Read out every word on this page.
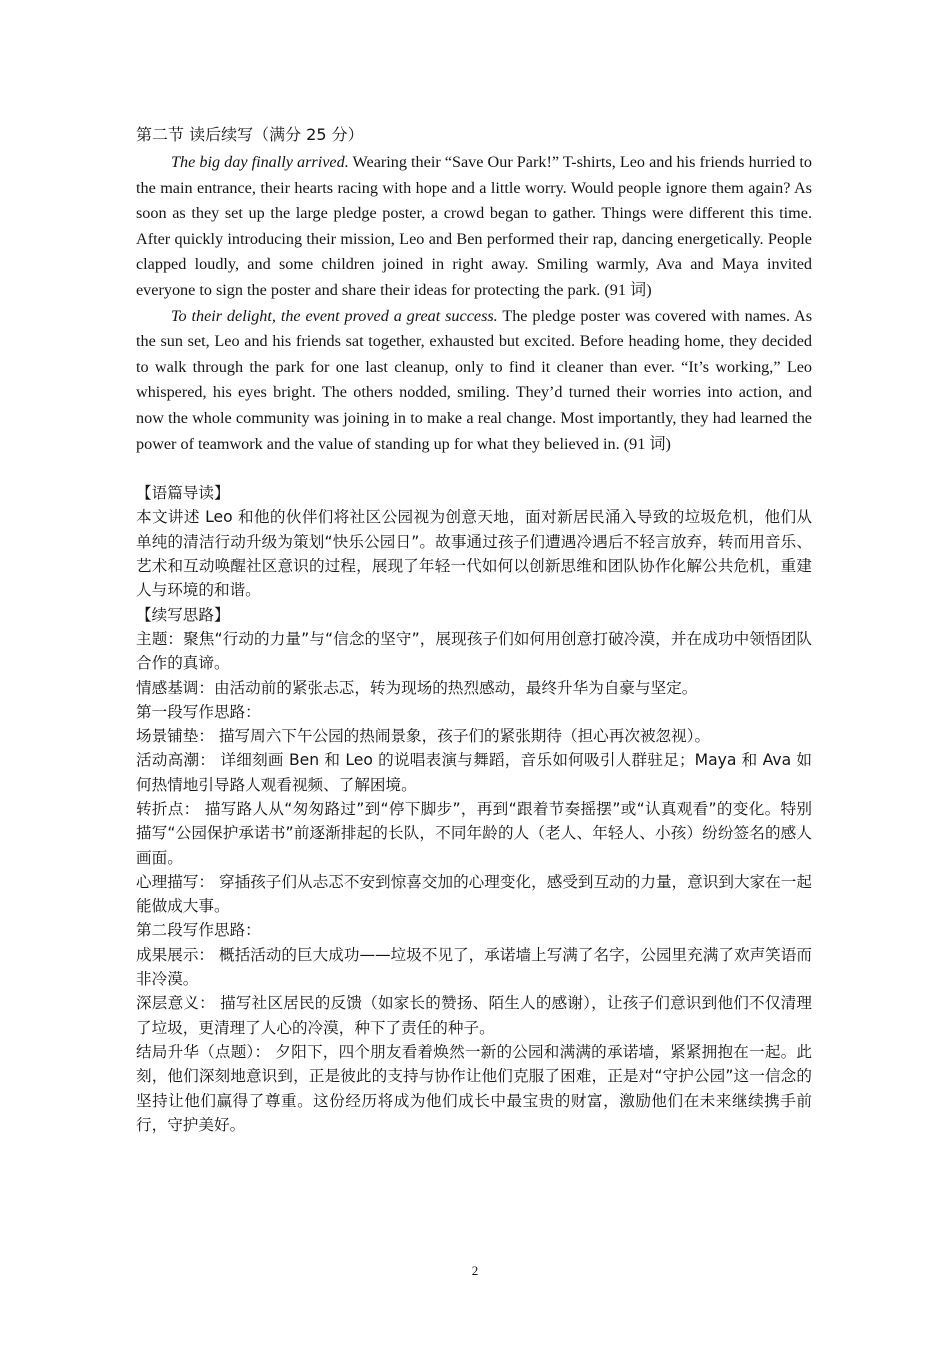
第二节 读后续写（满分 25 分）

The big day finally arrived. Wearing their “Save Our Park!” T-shirts, Leo and his friends hurried to the main entrance, their hearts racing with hope and a little worry. Would people ignore them again? As soon as they set up the large pledge poster, a crowd began to gather. Things were different this time. After quickly introducing their mission, Leo and Ben performed their rap, dancing energetically. People clapped loudly, and some children joined in right away. Smiling warmly, Ava and Maya invited everyone to sign the poster and share their ideas for protecting the park. (91 词)

To their delight, the event proved a great success. The pledge poster was covered with names. As the sun set, Leo and his friends sat together, exhausted but excited. Before heading home, they decided to walk through the park for one last cleanup, only to find it cleaner than ever. “It’s working,” Leo whispered, his eyes bright. The others nodded, smiling. They’d turned their worries into action, and now the whole community was joining in to make a real change. Most importantly, they had learned the power of teamwork and the value of standing up for what they believed in. (91 词)

【语篇导读】

本文讲述 Leo 和他的伙伴们将社区公园视为创意天地，面对新居民涌入导致的垃圾危机，他们从单纯的清洁行动升级为策划“快乐公园日”。故事通过孩子们遭遇冷遇后不轻言放弃，转而用音乐、艺术和互动唤醒社区意识的过程，展现了年轻一代如何以创新思维和团队协作化解公共危机，重建人与环境的和谐。

【续写思路】

主题：聚焦“行动的力量”与“信念的坚守”，展现孩子们如何用创意打破冷漠，并在成功中领悟团队合作的真谛。

情感基调：由活动前的紧张忐忑，转为现场的热烈感动，最终升华为自豪与坚定。

第一段写作思路：

场景铺垫： 描写周六下午公园的热闹景象，孩子们的紧张期待（担心再次被忽视）。

活动高潮： 详细刻画 Ben 和 Leo 的说唱表演与舞蹈，音乐如何吸引人群驻足；Maya 和 Ava 如何热情地引导路人观看视频、了解困境。

转折点： 描写路人从“匆匆路过”到“停下脚步”，再到“跟着节奏摇摆”或“认真观看”的变化。特别描写“公园保护承诺书”前逐渐排起的长队，不同年龄的人（老人、年轻人、小孩）纷纷签名的感人画面。

心理描写： 穿插孩子们从忐忑不安到惊喜交加的心理变化，感受到互动的力量，意识到大家在一起能做成大事。

第二段写作思路：

成果展示： 概括活动的巨大成功——垃圾不见了，承诺墙上写满了名字，公园里充满了欢声笑语而非冷漠。

深层意义： 描写社区居民的反馈（如家长的赞扬、陌生人的感谢），让孩子们意识到他们不仅清理了垃圾，更清理了人心的冷漠，种下了责任的种子。

结局升华（点题）： 夕阳下，四个朋友看着焕然一新的公园和满满的承诺墙，紧紧拥抱在一起。此刻，他们深刻地意识到，正是彼此的支持与协作让他们克服了困难，正是对“守护公园”这一信念的坚持让他们赢得了尊重。这份经历将成为他们成长中最宝贵的财富，激励他们在未来继续携手前行，守护美好。

2
